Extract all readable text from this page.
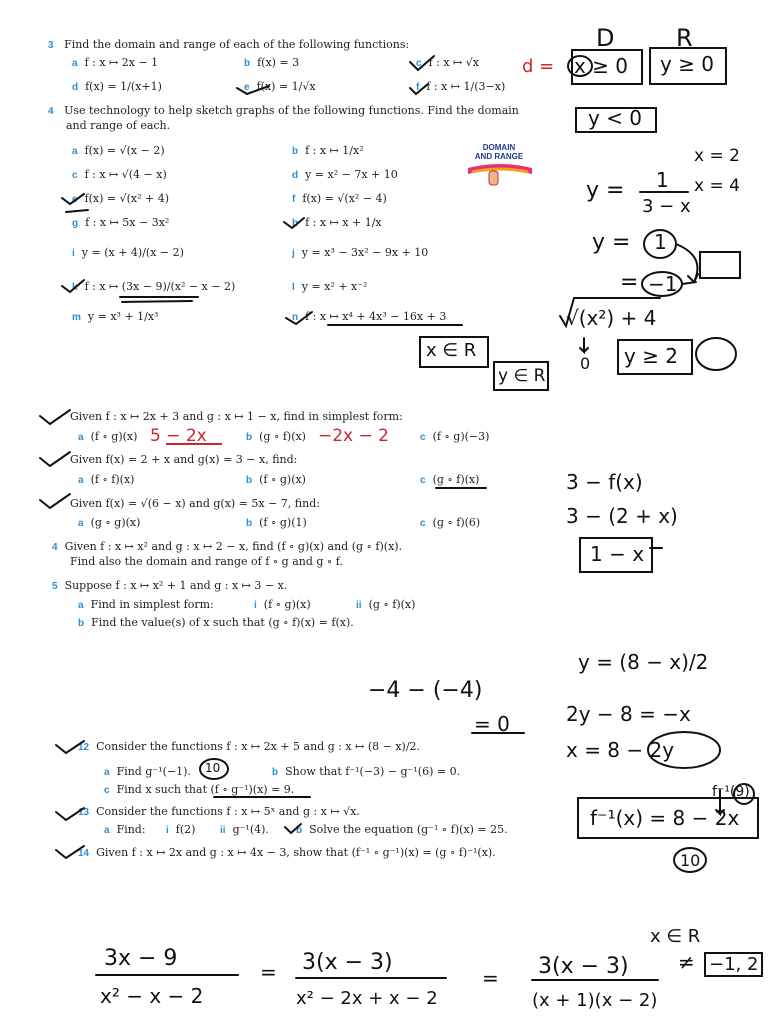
3 Find the domain and range of each of the following functions:
a f : x ↦ 2x − 1	b f(x) = 3	c f : x ↦ √x
d f(x) = 1/(x+1)	e f(x) = 1/√x	f f : x ↦ 1/(3−x)
4 Use technology to help sketch graphs of the following functions. Find the domain
and range of each.
a f(x) = √(x − 2)	b f : x ↦ 1/x²
c f : x ↦ √(4 − x)	d y = x² − 7x + 10
e f(x) = √(x² + 4)	f f(x) = √(x² − 4)
g f : x ↦ 5x − 3x²	h f : x ↦ x + 1/x
i y = (x + 4)/(x − 2)	j y = x³ − 3x² − 9x + 10
k f : x ↦ (3x − 9)/(x² − x − 2)	l y = x² + x⁻²
m y = x³ + 1/x³	n f : x ↦ x⁴ + 4x³ − 16x + 3
DOMAIN
AND RANGE
Given f : x ↦ 2x + 3 and g : x ↦ 1 − x, find in simplest form:
a (f ∘ g)(x)	b (g ∘ f)(x)	c (f ∘ g)(−3)
Given f(x) = 2 + x and g(x) = 3 − x, find:
a (f ∘ f)(x)	b (f ∘ g)(x)	c (g ∘ f)(x)
Given f(x) = √(6 − x) and g(x) = 5x − 7, find:
a (g ∘ g)(x)	b (f ∘ g)(1)	c (g ∘ f)(6)
4 Given f : x ↦ x² and g : x ↦ 2 − x, find (f ∘ g)(x) and (g ∘ f)(x).
Find also the domain and range of f ∘ g and g ∘ f.
5 Suppose f : x ↦ x² + 1 and g : x ↦ 3 − x.
a Find in simplest form:	i (f ∘ g)(x)	ii (g ∘ f)(x)
b Find the value(s) of x such that (g ∘ f)(x) = f(x).
12 Consider the functions f : x ↦ 2x + 5 and g : x ↦ (8 − x)/2.
a Find g⁻¹(−1).	b Show that f⁻¹(−3) − g⁻¹(6) = 0.
c Find x such that (f ∘ g⁻¹)(x) = 9.
13 Consider the functions f : x ↦ 5ˣ and g : x ↦ √x.
a Find: i f(2) ii g⁻¹(4).	b Solve the equation (g⁻¹ ∘ f)(x) = 25.
14 Given f : x ↦ 2x and g : x ↦ 4x − 3, show that (f⁻¹ ∘ g⁻¹)(x) = (g ∘ f)⁻¹(x).
D	R
d = x ≥ 0 y ≥ 0
y < 0
x = 2
x = 4
y = 1
3 − x
y = 1
= −1
√(x²) + 4
0 y ≥ 2
x ∈ R
y ∈ R
5 − 2x	−2x − 2
3 − f(x)
3 − (2 + x)
1 − x
y = (8 − x)/2
−4 − (−4)
= 0	2y − 8 = −x
x = 8 − 2y
f⁻¹(9)
f⁻¹(x) = 8 − 2x
10
10
3x − 9
x² − x − 2
= 3(x − 3)
x² − 2x + x − 2
= 3(x − 3)
(x + 1)(x − 2)
x ∈ R
≠ −1, 2
